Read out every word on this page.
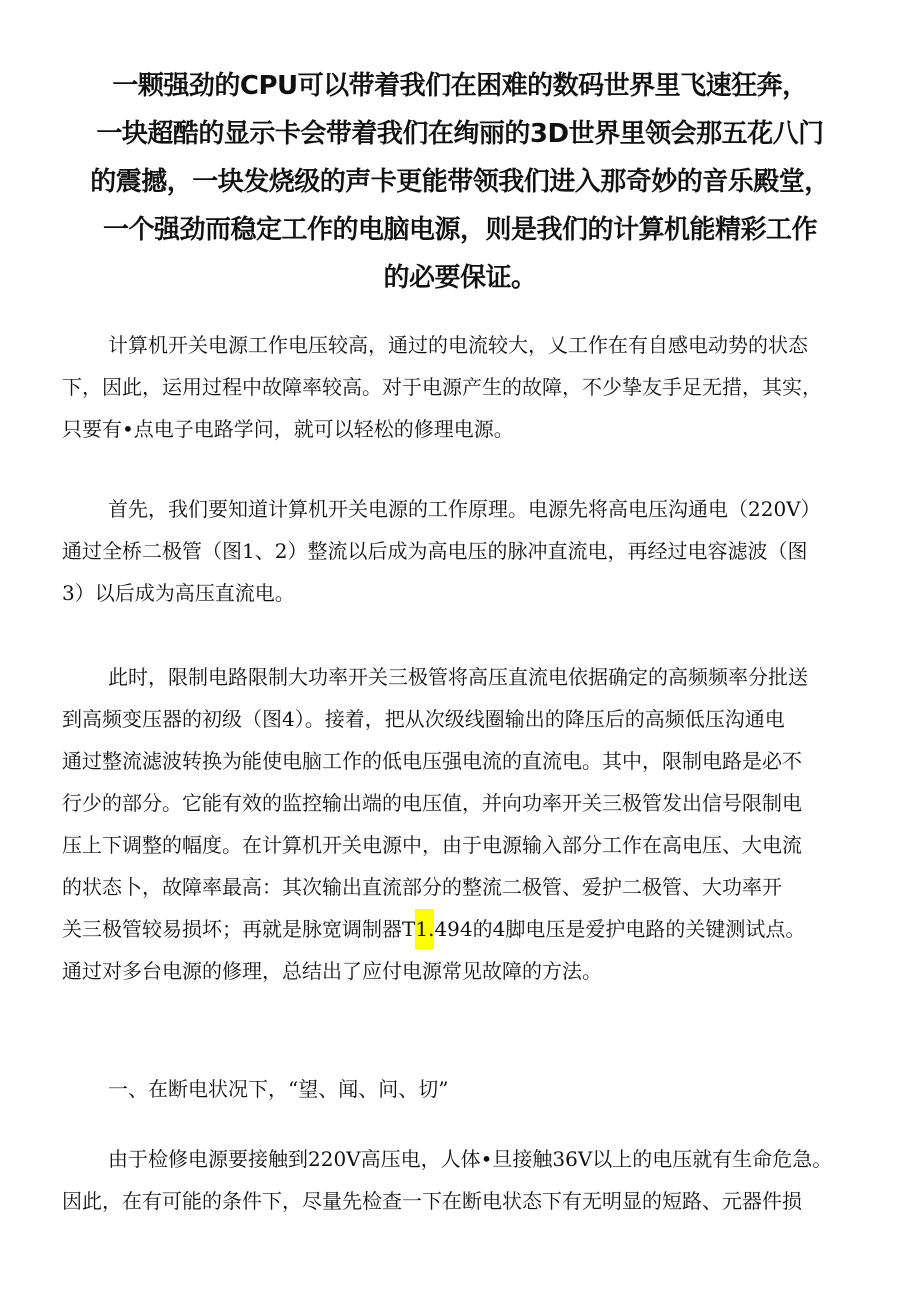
一颗强劲的CPU可以带着我们在困难的数码世界里飞速狂奔，
一块超酷的显示卡会带着我们在绚丽的3D世界里领会那五花八门
的震撼，一块发烧级的声卡更能带领我们进入那奇妙的音乐殿堂，
一个强劲而稳定工作的电脑电源，则是我们的计算机能精彩工作
的必要保证。
计算机开关电源工作电压较高，通过的电流较大，乂工作在有自感电动势的状态
下，因此，运用过程中故障率较高。对于电源产生的故障，不少挚友手足无措，其实，
只要有•点电子电路学问，就可以轻松的修理电源。
首先，我们要知道计算机开关电源的工作原理。电源先将高电压沟通电（220V）
通过全桥二极管（图1、2）整流以后成为高电压的脉冲直流电，再经过电容滤波（图
3）以后成为高压直流电。
此时，限制电路限制大功率开关三极管将高压直流电依据确定的高频频率分批送
到高频变压器的初级（图4）。接着，把从次级线圈输出的降压后的高频低压沟通电
通过整流滤波转换为能使电脑工作的低电压强电流的直流电。其中，限制电路是必不
行少的部分。它能有效的监控输出端的电压值，并向功率开关三极管发出信号限制电
压上下调整的幅度。在计算机开关电源中，由于电源输入部分工作在高电压、大电流
的状态卜，故障率最高：其次输出直流部分的整流二极管、爱护二极管、大功率开
关三极管较易损坏；再就是脉宽调制器T1.494的4脚电压是爱护电路的关键测试点。
通过对多台电源的修理，总结出了应付电源常见故障的方法。
一、在断电状况下，“望、闻、问、切”
由于检修电源要接触到220V高压电，人体•旦接触36V以上的电压就有生命危急。
因此，在有可能的条件下，尽量先检查一下在断电状态下有无明显的短路、元器件损
